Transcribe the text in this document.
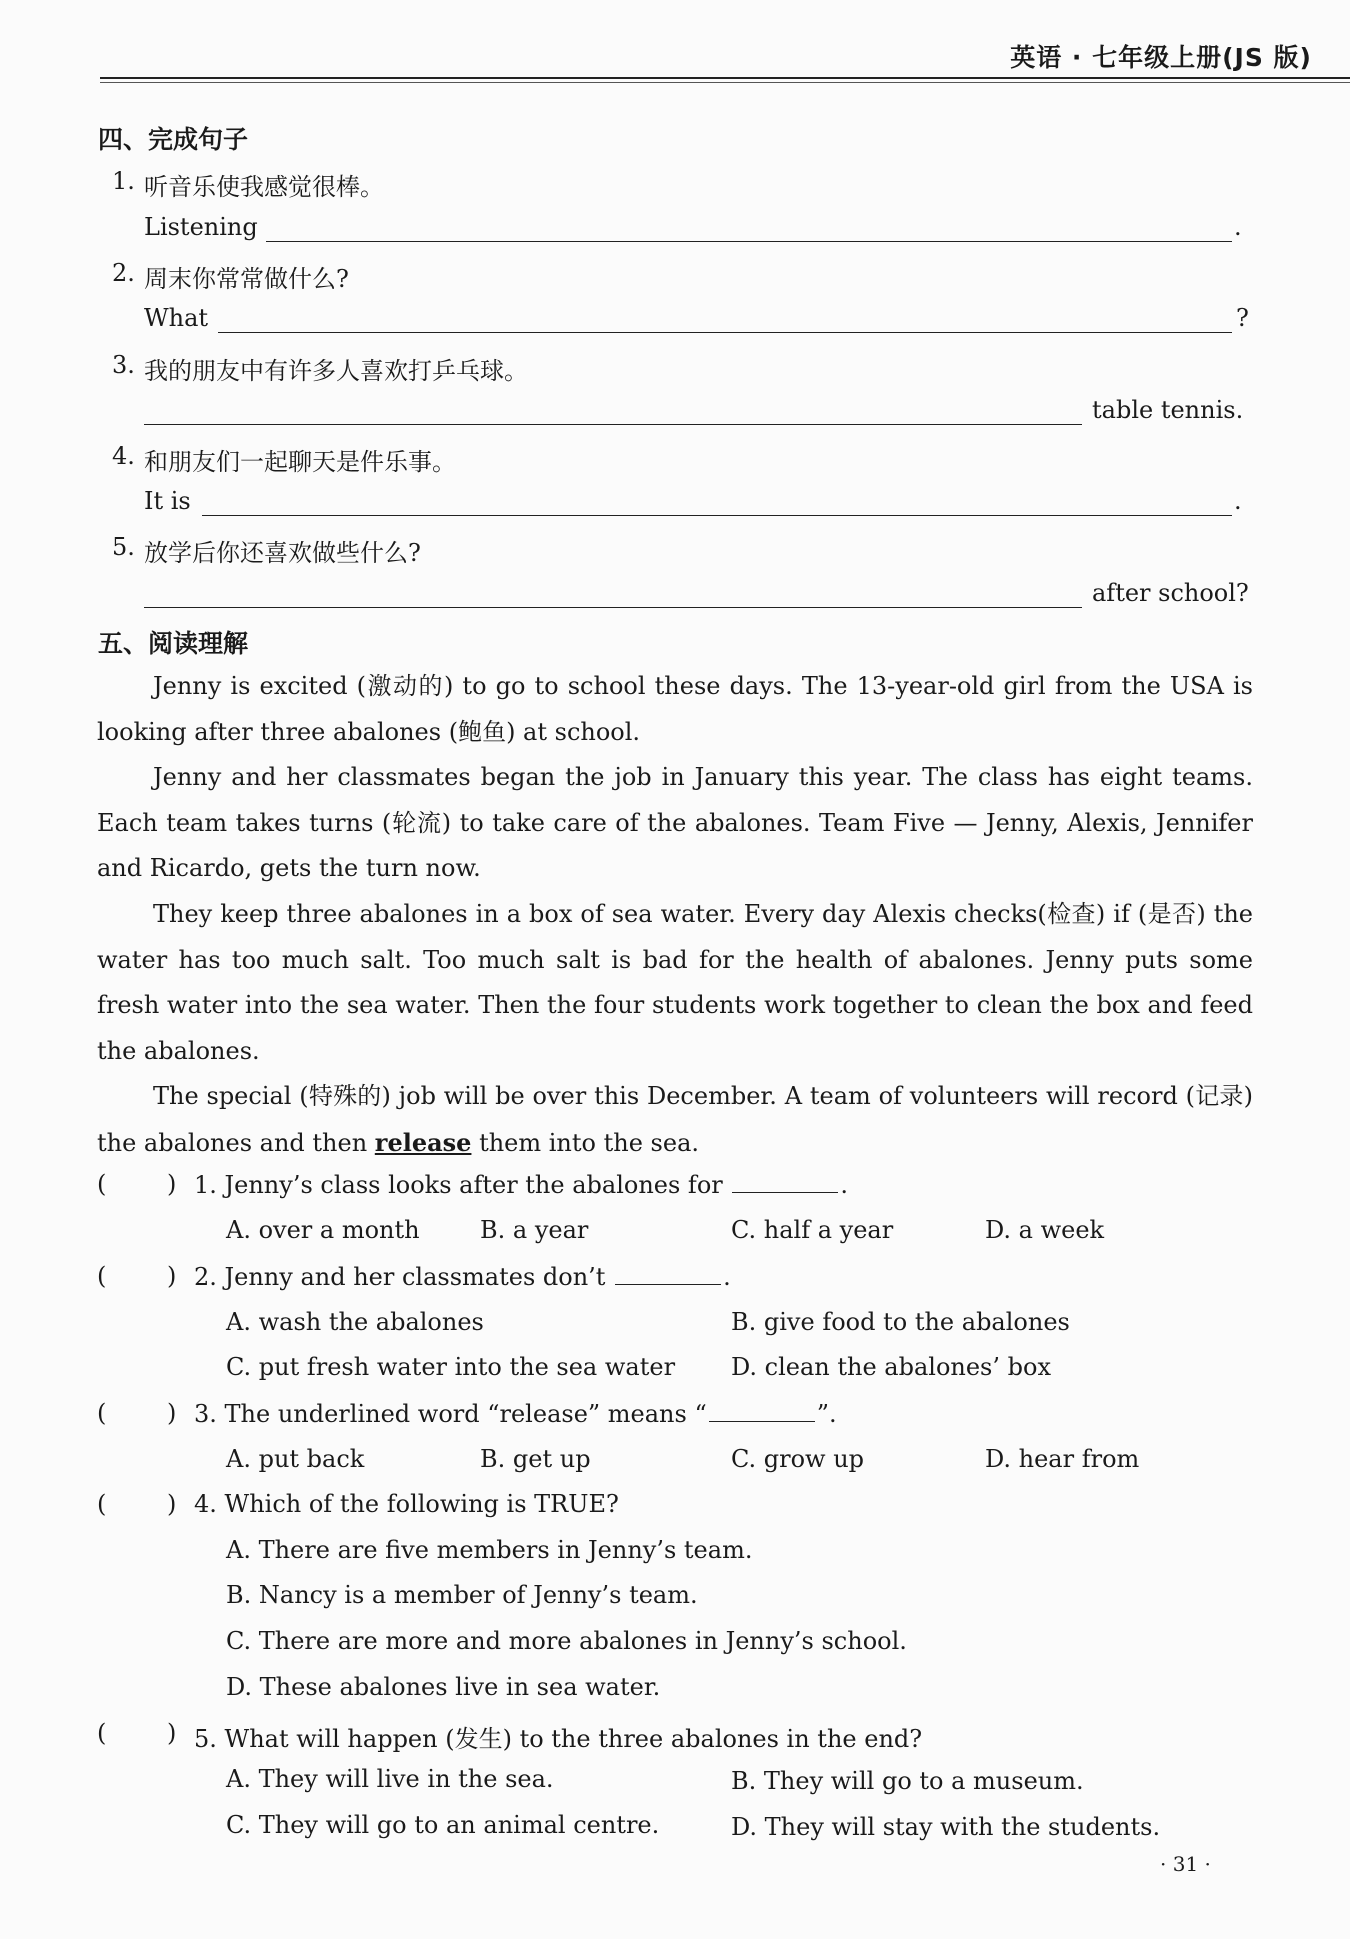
英语 · 七年级上册(JS 版)
四、完成句子
1. 听音乐使我感觉很棒。
Listening	.
2. 周末你常常做什么?
What	?
3. 我的朋友中有许多人喜欢打乒乓球。
table tennis.
4. 和朋友们一起聊天是件乐事。
It is	.
5. 放学后你还喜欢做些什么?
after school?
五、阅读理解
Jenny is excited (激动的) to go to school these days. The 13-year-old girl from the USA is looking after three abalones (鲍鱼) at school.
Jenny and her classmates began the job in January this year. The class has eight teams. Each team takes turns (轮流) to take care of the abalones. Team Five — Jenny, Alexis, Jennifer and Ricardo, gets the turn now.
They keep three abalones in a box of sea water. Every day Alexis checks(检查) if (是否) the water has too much salt. Too much salt is bad for the health of abalones. Jenny puts some fresh water into the sea water. Then the four students work together to clean the box and feed the abalones.
The special (特殊的) job will be over this December. A team of volunteers will record (记录) the abalones and then release them into the sea.
(	) 1. Jenny’s class looks after the abalones for	.
A. over a month	B. a year	C. half a year	D. a week
(	) 2. Jenny and her classmates don’t	.
A. wash the abalones	B. give food to the abalones
C. put fresh water into the sea water D. clean the abalones’ box
(	) 3. The underlined word “release” means “	”.
A. put back	B. get up	C. grow up	D. hear from
(	) 4. Which of the following is TRUE?
A. There are five members in Jenny’s team.
B. Nancy is a member of Jenny’s team.
C. There are more and more abalones in Jenny’s school.
D. These abalones live in sea water.
(	) 5. What will happen (发生) to the three abalones in the end?
A. They will live in the sea.	B. They will go to a museum.
C. They will go to an animal centre.	D. They will stay with the students.
· 31 ·
